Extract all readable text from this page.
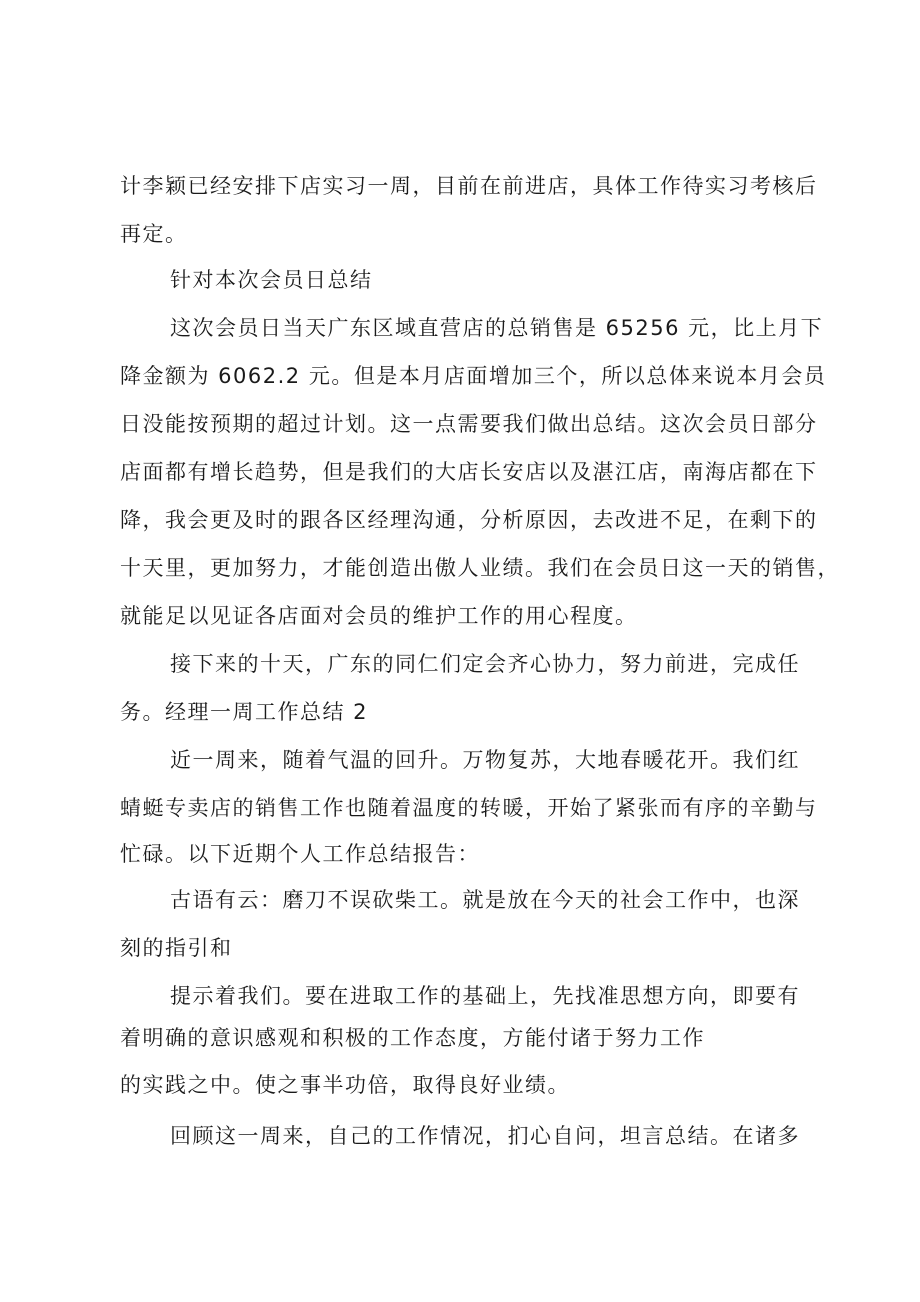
计李颖已经安排下店实习一周，目前在前进店，具体工作待实习考核后
再定。
针对本次会员日总结
这次会员日当天广东区域直营店的总销售是 65256 元，比上月下
降金额为 6062.2 元。但是本月店面增加三个，所以总体来说本月会员
日没能按预期的超过计划。这一点需要我们做出总结。这次会员日部分
店面都有增长趋势，但是我们的大店长安店以及湛江店，南海店都在下
降，我会更及时的跟各区经理沟通，分析原因，去改进不足，在剩下的
十天里，更加努力，才能创造出傲人业绩。我们在会员日这一天的销售，
就能足以见证各店面对会员的维护工作的用心程度。
接下来的十天，广东的同仁们定会齐心协力，努力前进，完成任
务。经理一周工作总结 2
近一周来，随着气温的回升。万物复苏，大地春暖花开。我们红
蜻蜓专卖店的销售工作也随着温度的转暖，开始了紧张而有序的辛勤与
忙碌。以下近期个人工作总结报告：
古语有云：磨刀不误砍柴工。就是放在今天的社会工作中，也深
刻的指引和
提示着我们。要在进取工作的基础上，先找准思想方向，即要有
着明确的意识感观和积极的工作态度，方能付诸于努力工作
的实践之中。使之事半功倍，取得良好业绩。
回顾这一周来，自己的工作情况，扪心自问，坦言总结。在诸多
